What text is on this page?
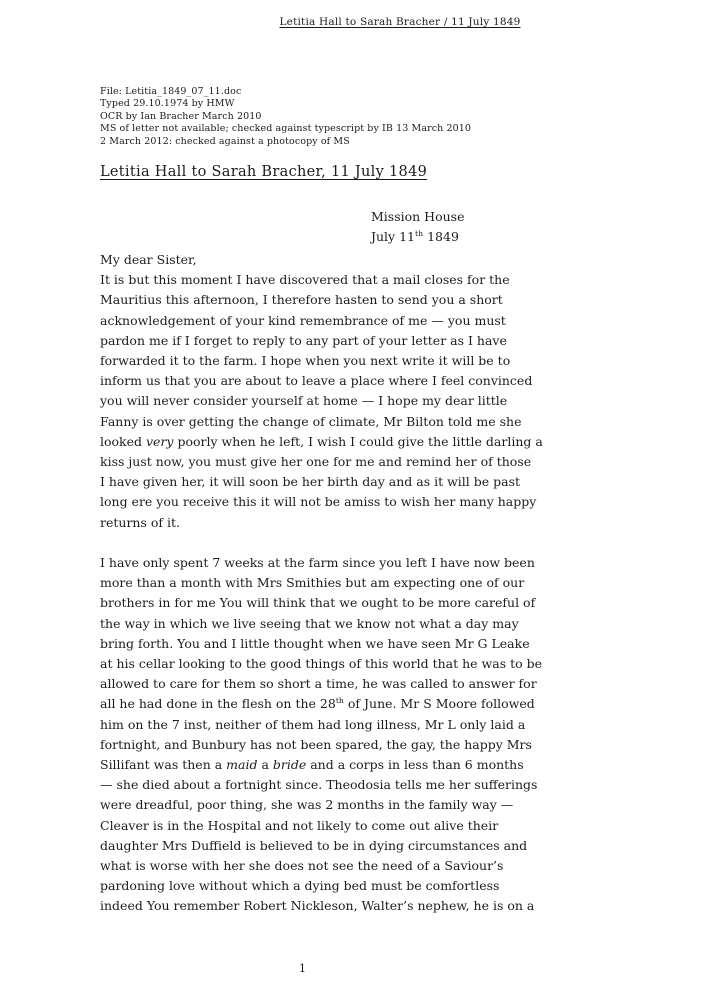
Letitia Hall to Sarah Bracher / 11 July 1849
File: Letitia_1849_07_11.doc
Typed 29.10.1974 by HMW
OCR by Ian Bracher March 2010
MS of letter not available; checked against typescript by IB 13 March 2010
2 March 2012: checked against a photocopy of MS
Letitia Hall to Sarah Bracher, 11 July 1849
Mission House
July 11th 1849
My dear Sister,
It is but this moment I have discovered that a mail closes for the
Mauritius this afternoon, I therefore hasten to send you a short
acknowledgement of your kind remembrance of me — you must
pardon me if I forget to reply to any part of your letter as I have
forwarded it to the farm. I hope when you next write it will be to
inform us that you are about to leave a place where I feel convinced
you will never consider yourself at home — I hope my dear little
Fanny is over getting the change of climate, Mr Bilton told me she
looked very poorly when he left, I wish I could give the little darling a
kiss just now, you must give her one for me and remind her of those
I have given her, it will soon be her birth day and as it will be past
long ere you receive this it will not be amiss to wish her many happy
returns of it.
I have only spent 7 weeks at the farm since you left I have now been
more than a month with Mrs Smithies but am expecting one of our
brothers in for me You will think that we ought to be more careful of
the way in which we live seeing that we know not what a day may
bring forth. You and I little thought when we have seen Mr G Leake
at his cellar looking to the good things of this world that he was to be
allowed to care for them so short a time, he was called to answer for
all he had done in the flesh on the 28th of June. Mr S Moore followed
him on the 7 inst, neither of them had long illness, Mr L only laid a
fortnight, and Bunbury has not been spared, the gay, the happy Mrs
Sillifant was then a maid a bride and a corps in less than 6 months
— she died about a fortnight since. Theodosia tells me her sufferings
were dreadful, poor thing, she was 2 months in the family way —
Cleaver is in the Hospital and not likely to come out alive their
daughter Mrs Duffield is believed to be in dying circumstances and
what is worse with her she does not see the need of a Saviour’s
pardoning love without which a dying bed must be comfortless
indeed You remember Robert Nickleson, Walter’s nephew, he is on a
1
